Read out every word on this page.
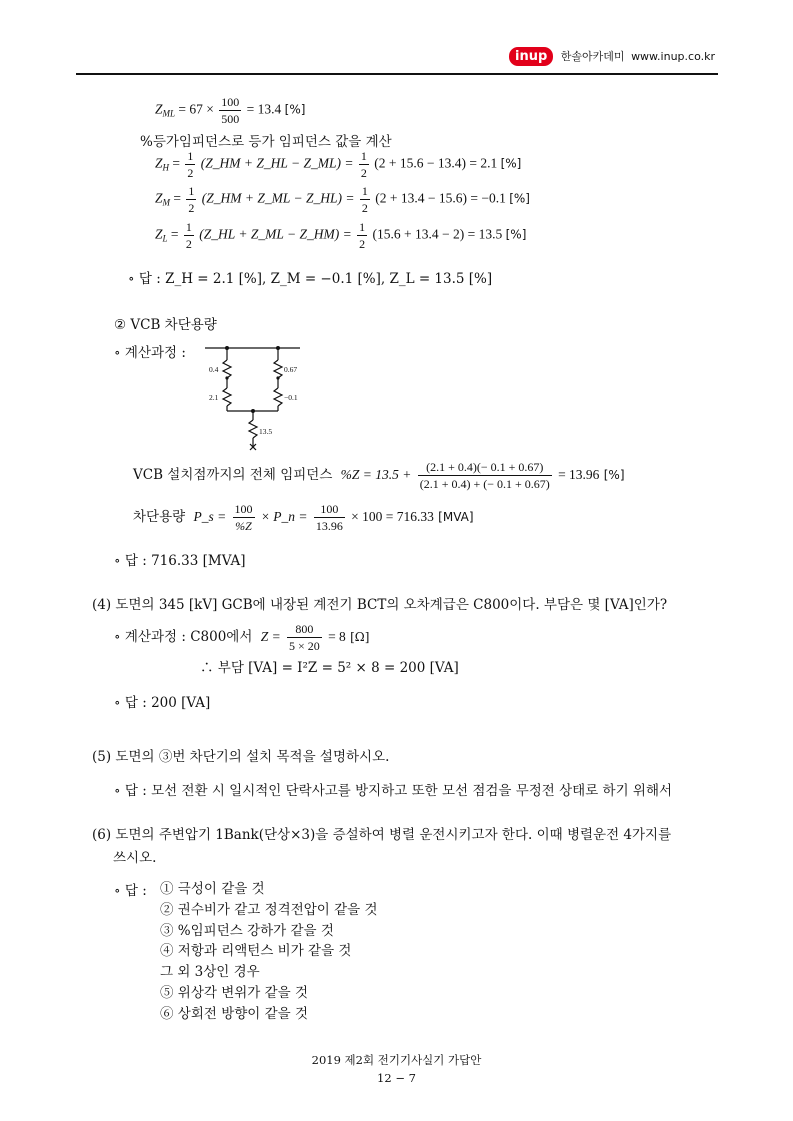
inup 한솔아카데미 www.inup.co.kr
$Z_{ML} = 67 \times \frac{100}{500} = 13.4$ [%]
%등가임피던스로 등가 임피던스 값을 계산
$Z_H = \frac{1}{2}$ (Z_HM + Z_HL − Z_ML) = $\frac{1}{2} (2 + 15.6 - 13.4) = 2.1$ [%]
$Z_M = \frac{1}{2}$ (Z_HM + Z_ML − Z_HL) = $\frac{1}{2} (2 + 13.4 - 15.6) = -0.1$ [%]
$Z_L = \frac{1}{2}$ (Z_HL + Z_ML − Z_HM) = $\frac{1}{2} (15.6 + 13.4 - 2) = 13.5$ [%]
∘ 답 : Z_H = 2.1 [%], Z_M = −0.1 [%], Z_L = 13.5 [%]
② VCB 차단용량
∘ 계산과정 :
0.4	0.67
2.1	−0.1
13.5
VCB 설치점까지의 전체 임피던스 $\%Z = 13.5 + \frac{(2.1 + 0.4)(- 0.1 + 0.67)}{(2.1 + 0.4) + (- 0.1 + 0.67)} = 13.96$ [%]
차단용량 P_s = $\frac{100}{\%Z}$ × P_n = $\frac{100}{13.96} \times 100 = 716.33$ [MVA]
∘ 답 : 716.33 [MVA]
(4) 도면의 345 [kV] GCB에 내장된 계전기 BCT의 오차계급은 C800이다. 부담은 몇 [VA]인가?
∘ 계산과정 : C800에서 $Z = \frac{800}{5 \times 20} = 8$ [Ω]
∴ 부담 [VA] = I²Z = 5² × 8 = 200 [VA]
∘ 답 : 200 [VA]
(5) 도면의 ③번 차단기의 설치 목적을 설명하시오.
∘ 답 : 모선 전환 시 일시적인 단락사고를 방지하고 또한 모선 점검을 무정전 상태로 하기 위해서
(6) 도면의 주변압기 1Bank(단상×3)을 증설하여 병렬 운전시키고자 한다. 이때 병렬운전 4가지를
쓰시오.
∘ 답 : ① 극성이 같을 것
② 권수비가 같고 정격전압이 같을 것
③ %임피던스 강하가 같을 것
④ 저항과 리액턴스 비가 같을 것
그 외 3상인 경우
⑤ 위상각 변위가 같을 것
⑥ 상회전 방향이 같을 것
2019 제2회 전기기사실기 가답안
12 − 7
